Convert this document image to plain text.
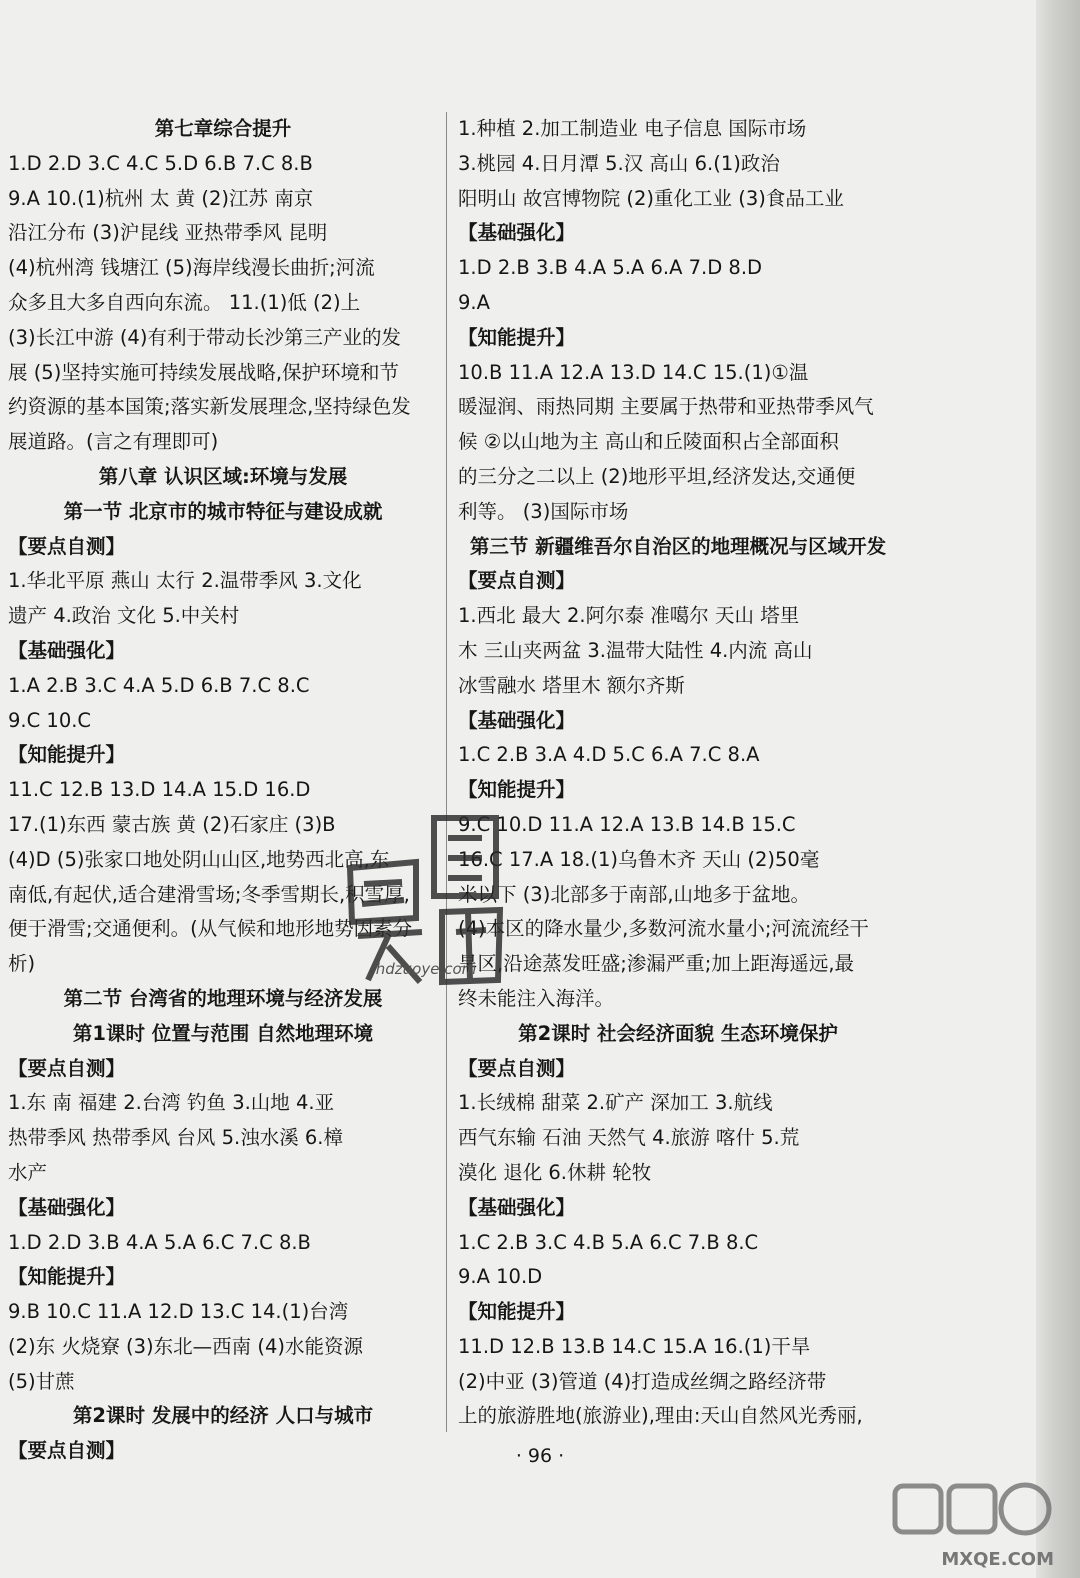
第七章综合提升
1.D 2.D 3.C 4.C 5.D 6.B 7.C 8.B
9.A 10.(1)杭州 太 黄 (2)江苏 南京
沿江分布 (3)沪昆线 亚热带季风 昆明
(4)杭州湾 钱塘江 (5)海岸线漫长曲折;河流
众多且大多自西向东流。 11.(1)低 (2)上
(3)长江中游 (4)有利于带动长沙第三产业的发
展 (5)坚持实施可持续发展战略,保护环境和节
约资源的基本国策;落实新发展理念,坚持绿色发
展道路。(言之有理即可)
第八章 认识区域:环境与发展
第一节 北京市的城市特征与建设成就
【要点自测】
1.华北平原 燕山 太行 2.温带季风 3.文化
遗产 4.政治 文化 5.中关村
【基础强化】
1.A 2.B 3.C 4.A 5.D 6.B 7.C 8.C
9.C 10.C
【知能提升】
11.C 12.B 13.D 14.A 15.D 16.D
17.(1)东西 蒙古族 黄 (2)石家庄 (3)B
(4)D (5)张家口地处阴山山区,地势西北高,东
南低,有起伏,适合建滑雪场;冬季雪期长,积雪厚,
便于滑雪;交通便利。(从气候和地形地势因素分
析)
第二节 台湾省的地理环境与经济发展
第1课时 位置与范围 自然地理环境
【要点自测】
1.东 南 福建 2.台湾 钓鱼 3.山地 4.亚
热带季风 热带季风 台风 5.浊水溪 6.樟
水产
【基础强化】
1.D 2.D 3.B 4.A 5.A 6.C 7.C 8.B
【知能提升】
9.B 10.C 11.A 12.D 13.C 14.(1)台湾
(2)东 火烧寮 (3)东北—西南 (4)水能资源
(5)甘蔗
第2课时 发展中的经济 人口与城市
【要点自测】
1.种植 2.加工制造业 电子信息 国际市场
3.桃园 4.日月潭 5.汉 高山 6.(1)政治
阳明山 故宫博物院 (2)重化工业 (3)食品工业
【基础强化】
1.D 2.B 3.B 4.A 5.A 6.A 7.D 8.D
9.A
【知能提升】
10.B 11.A 12.A 13.D 14.C 15.(1)①温
暖湿润、雨热同期 主要属于热带和亚热带季风气
候 ②以山地为主 高山和丘陵面积占全部面积
的三分之二以上 (2)地形平坦,经济发达,交通便
利等。 (3)国际市场
第三节 新疆维吾尔自治区的地理概况与区域开发
【要点自测】
1.西北 最大 2.阿尔泰 准噶尔 天山 塔里
木 三山夹两盆 3.温带大陆性 4.内流 高山
冰雪融水 塔里木 额尔齐斯
【基础强化】
1.C 2.B 3.A 4.D 5.C 6.A 7.C 8.A
【知能提升】
9.C 10.D 11.A 12.A 13.B 14.B 15.C
16.C 17.A 18.(1)乌鲁木齐 天山 (2)50毫
米以下 (3)北部多于南部,山地多于盆地。
(4)本区的降水量少,多数河流水量小;河流流经干
旱区,沿途蒸发旺盛;渗漏严重;加上距海遥远,最
终未能注入海洋。
第2课时 社会经济面貌 生态环境保护
【要点自测】
1.长绒棉 甜菜 2.矿产 深加工 3.航线
西气东输 石油 天然气 4.旅游 喀什 5.荒
漠化 退化 6.休耕 轮牧
【基础强化】
1.C 2.B 3.C 4.B 5.A 6.C 7.B 8.C
9.A 10.D
【知能提升】
11.D 12.B 13.B 14.C 15.A 16.(1)干旱
(2)中亚 (3)管道 (4)打造成丝绸之路经济带
上的旅游胜地(旅游业),理由:天山自然风光秀丽,
· 96 ·
hdzuoye.com
MXQE.COM
